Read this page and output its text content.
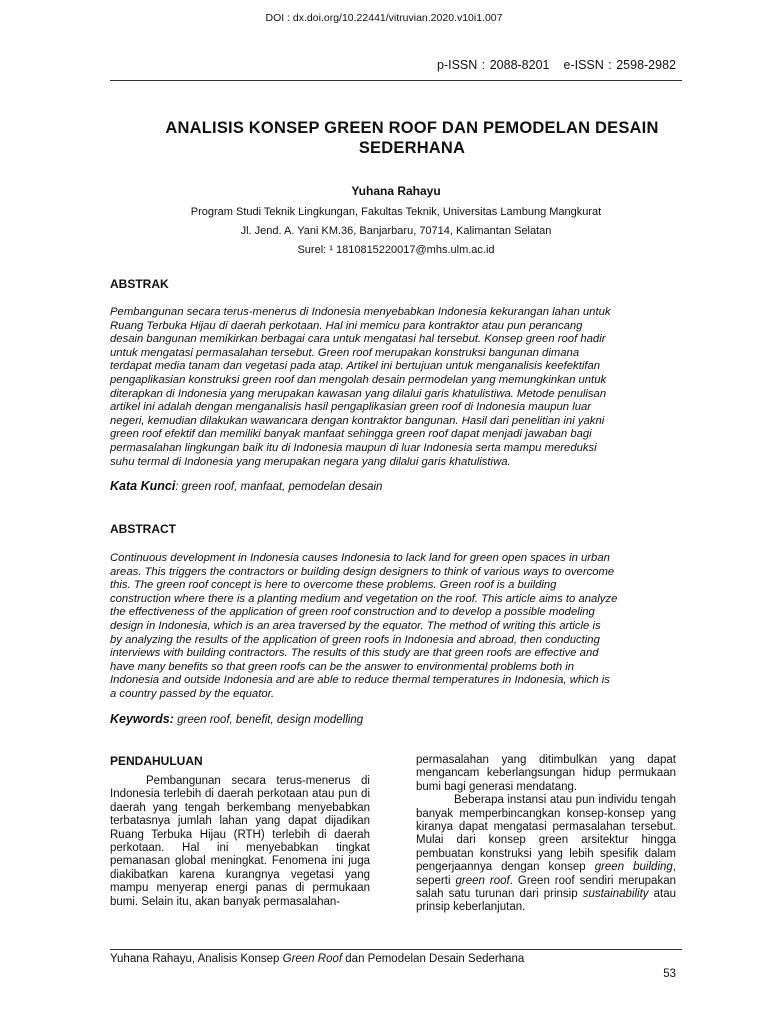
DOI : dx.doi.org/10.22441/vitruvian.2020.v10i1.007
p-ISSN : 2088-8201 e-ISSN : 2598-2982
ANALISIS KONSEP GREEN ROOF DAN PEMODELAN DESAIN
SEDERHANA
Yuhana Rahayu
Program Studi Teknik Lingkungan, Fakultas Teknik, Universitas Lambung Mangkurat
Jl. Jend. A. Yani KM.36, Banjarbaru, 70714, Kalimantan Selatan
Surel: ¹ 1810815220017@mhs.ulm.ac.id
ABSTRAK
Pembangunan secara terus-menerus di Indonesia menyebabkan Indonesia kekurangan lahan untuk
Ruang Terbuka Hijau di daerah perkotaan. Hal ini memicu para kontraktor atau pun perancang
desain bangunan memikirkan berbagai cara untuk mengatasi hal tersebut. Konsep green roof hadir
untuk mengatasi permasalahan tersebut. Green roof merupakan konstruksi bangunan dimana
terdapat media tanam dan vegetasi pada atap. Artikel ini bertujuan untuk menganalisis keefektifan
pengaplikasian konstruksi green roof dan mengolah desain permodelan yang memungkinkan untuk
diterapkan di Indonesia yang merupakan kawasan yang dilalui garis khatulistiwa. Metode penulisan
artikel ini adalah dengan menganalisis hasil pengaplikasian green roof di Indonesia maupun luar
negeri, kemudian dilakukan wawancara dengan kontraktor bangunan. Hasil dari penelitian ini yakni
green roof efektif dan memiliki banyak manfaat sehingga green roof dapat menjadi jawaban bagi
permasalahan lingkungan baik itu di Indonesia maupun di luar Indonesia serta mampu mereduksi
suhu termal di Indonesia yang merupakan negara yang dilalui garis khatulistiwa.
Kata Kunci: green roof, manfaat, pemodelan desain
ABSTRACT
Continuous development in Indonesia causes Indonesia to lack land for green open spaces in urban
areas. This triggers the contractors or building design designers to think of various ways to overcome
this. The green roof concept is here to overcome these problems. Green roof is a building
construction where there is a planting medium and vegetation on the roof. This article aims to analyze
the effectiveness of the application of green roof construction and to develop a possible modeling
design in Indonesia, which is an area traversed by the equator. The method of writing this article is
by analyzing the results of the application of green roofs in Indonesia and abroad, then conducting
interviews with building contractors. The results of this study are that green roofs are effective and
have many benefits so that green roofs can be the answer to environmental problems both in
Indonesia and outside Indonesia and are able to reduce thermal temperatures in Indonesia, which is
a country passed by the equator.
Keywords: green roof, benefit, design modelling
PENDAHULUAN

Pembangunan secara terus-menerus di Indonesia terlebih di daerah perkotaan atau pun di daerah yang tengah berkembang menyebabkan terbatasnya jumlah lahan yang dapat dijadikan Ruang Terbuka Hijau (RTH) terlebih di daerah perkotaan. Hal ini menyebabkan tingkat pemanasan global meningkat. Fenomena ini juga diakibatkan karena kurangnya vegetasi yang mampu menyerap energi panas di permukaan bumi. Selain itu, akan banyak permasalahan-

permasalahan yang ditimbulkan yang dapat mengancam keberlangsungan hidup permukaan bumi bagi generasi mendatang.

Beberapa instansi atau pun individu tengah banyak memperbincangkan konsep-konsep yang kiranya dapat mengatasi permasalahan tersebut. Mulai dari konsep green arsitektur hingga pembuatan konstruksi yang lebih spesifik dalam pengerjaannya dengan konsep green building, seperti green roof. Green roof sendiri merupakan salah satu turunan dari prinsip sustainability atau prinsip keberlanjutan.

Yuhana Rahayu, Analisis Konsep Green Roof dan Pemodelan Desain Sederhana
53
